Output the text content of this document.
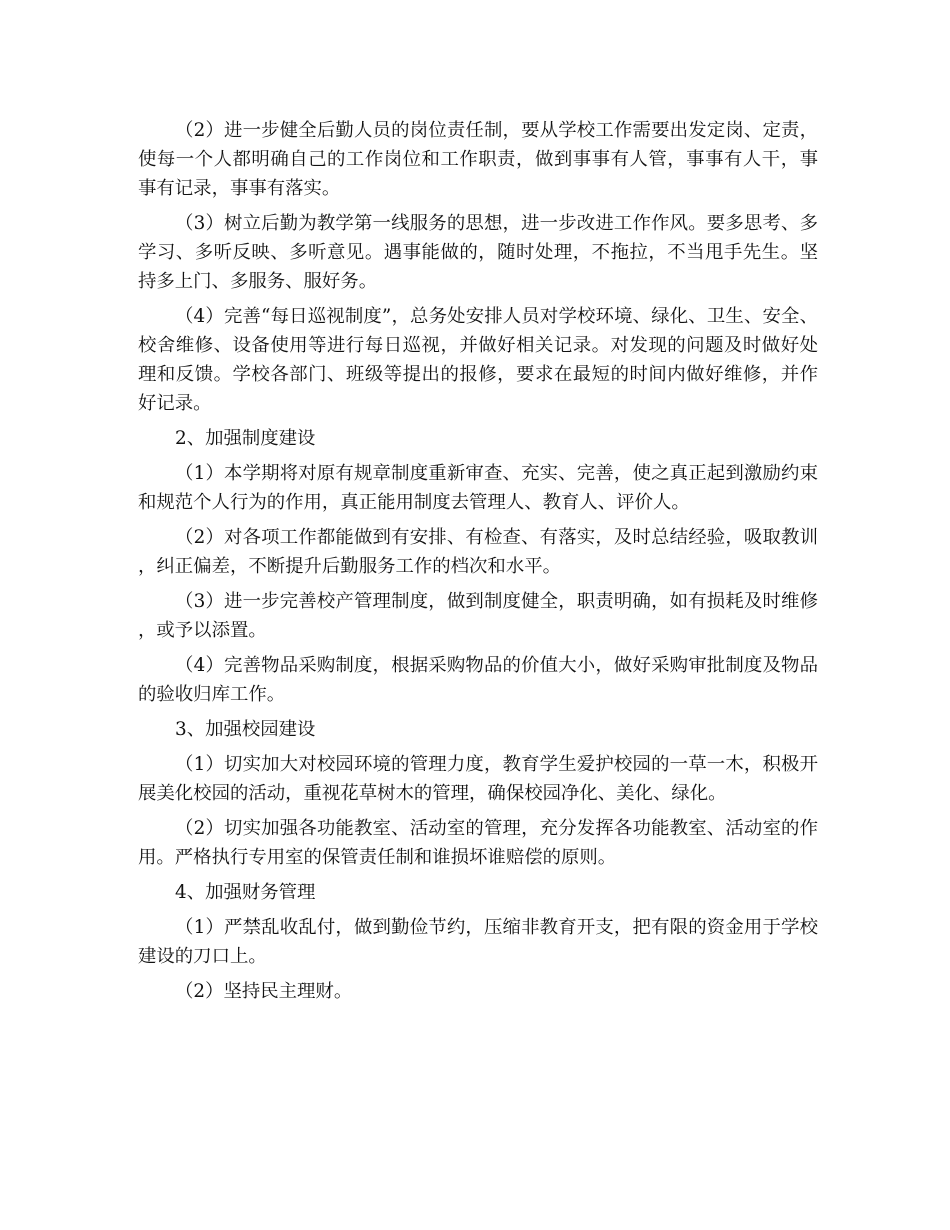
（2）进一步健全后勤人员的岗位责任制，要从学校工作需要出发定岗、定责，使每一个人都明确自己的工作岗位和工作职责，做到事事有人管，事事有人干，事事有记录，事事有落实。

（3）树立后勤为教学第一线服务的思想，进一步改进工作作风。要多思考、多学习、多听反映、多听意见。遇事能做的，随时处理，不拖拉，不当甩手先生。坚持多上门、多服务、服好务。

（4）完善“每日巡视制度”，总务处安排人员对学校环境、绿化、卫生、安全、校舍维修、设备使用等进行每日巡视，并做好相关记录。对发现的问题及时做好处理和反馈。学校各部门、班级等提出的报修，要求在最短的时间内做好维修，并作好记录。

2、加强制度建设

（1）本学期将对原有规章制度重新审查、充实、完善，使之真正起到激励约束和规范个人行为的作用，真正能用制度去管理人、教育人、评价人。

（2）对各项工作都能做到有安排、有检查、有落实，及时总结经验，吸取教训，纠正偏差，不断提升后勤服务工作的档次和水平。

（3）进一步完善校产管理制度，做到制度健全，职责明确，如有损耗及时维修，或予以添置。

（4）完善物品采购制度，根据采购物品的价值大小，做好采购审批制度及物品的验收归库工作。

3、加强校园建设

（1）切实加大对校园环境的管理力度，教育学生爱护校园的一草一木，积极开展美化校园的活动，重视花草树木的管理，确保校园净化、美化、绿化。

（2）切实加强各功能教室、活动室的管理，充分发挥各功能教室、活动室的作用。严格执行专用室的保管责任制和谁损坏谁赔偿的原则。

4、加强财务管理

（1）严禁乱收乱付，做到勤俭节约，压缩非教育开支，把有限的资金用于学校建设的刀口上。

（2）坚持民主理财。
